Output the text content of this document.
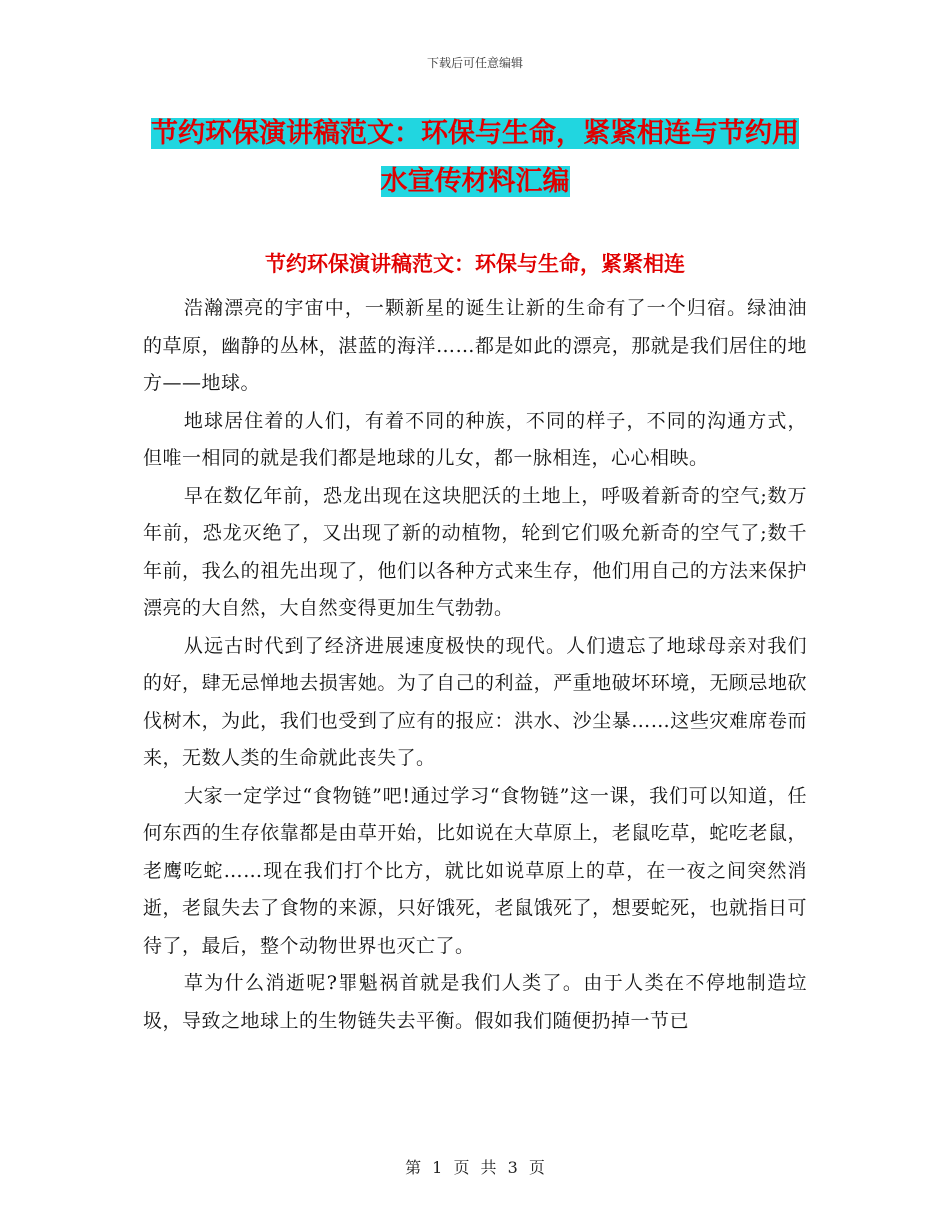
下载后可任意编辑
节约环保演讲稿范文：环保与生命，紧紧相连与节约用水宣传材料汇编
节约环保演讲稿范文：环保与生命，紧紧相连

浩瀚漂亮的宇宙中，一颗新星的诞生让新的生命有了一个归宿。绿油油的草原，幽静的丛林，湛蓝的海洋……都是如此的漂亮，那就是我们居住的地方——地球。

地球居住着的人们，有着不同的种族，不同的样子，不同的沟通方式，但唯一相同的就是我们都是地球的儿女，都一脉相连，心心相映。

早在数亿年前，恐龙出现在这块肥沃的土地上，呼吸着新奇的空气;数万年前，恐龙灭绝了，又出现了新的动植物，轮到它们吸允新奇的空气了;数千年前，我么的祖先出现了，他们以各种方式来生存，他们用自己的方法来保护漂亮的大自然，大自然变得更加生气勃勃。

从远古时代到了经济进展速度极快的现代。人们遗忘了地球母亲对我们的好，肆无忌惮地去损害她。为了自己的利益，严重地破坏环境，无顾忌地砍伐树木，为此，我们也受到了应有的报应：洪水、沙尘暴……这些灾难席卷而来，无数人类的生命就此丧失了。

大家一定学过“食物链”吧!通过学习“食物链”这一课，我们可以知道，任何东西的生存依靠都是由草开始，比如说在大草原上，老鼠吃草，蛇吃老鼠，老鹰吃蛇……现在我们打个比方，就比如说草原上的草，在一夜之间突然消逝，老鼠失去了食物的来源，只好饿死，老鼠饿死了，想要蛇死，也就指日可待了，最后，整个动物世界也灭亡了。

草为什么消逝呢?罪魁祸首就是我们人类了。由于人类在不停地制造垃圾，导致之地球上的生物链失去平衡。假如我们随便扔掉一节已

第 1 页 共 3 页
